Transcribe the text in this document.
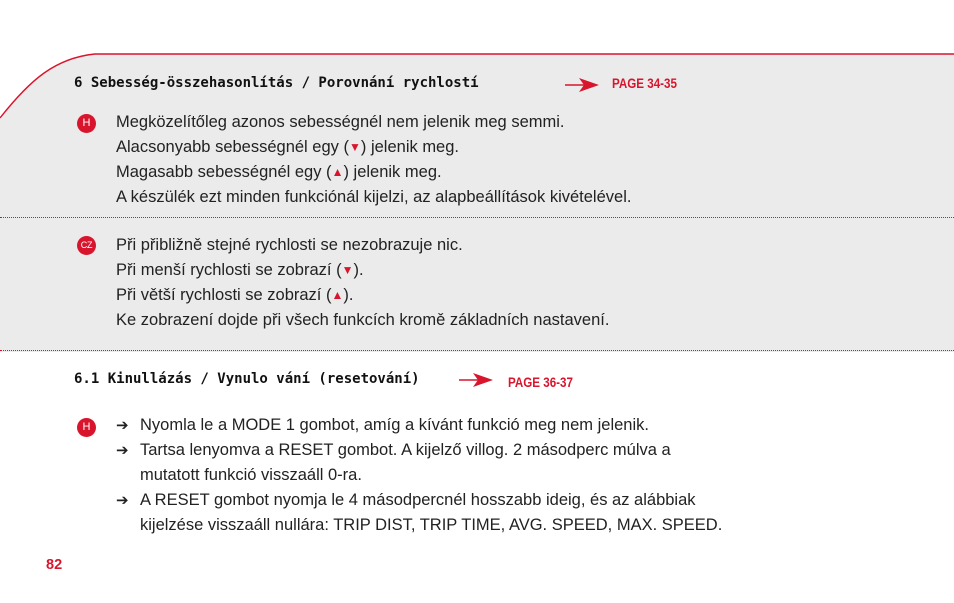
6 Sebesség-összehasonlítás / Porovnání rychlostí	PAGE 34-35
H	Megközelítőleg azonos sebességnél nem jelenik meg semmi.
Alacsonyabb sebességnél egy (▼) jelenik meg.
Magasabb sebességnél egy (▲) jelenik meg.
A készülék ezt minden funkciónál kijelzi, az alapbeállítások kivételével.
CZ Při přibližně stejné rychlosti se nezobrazuje nic.
Při menší rychlosti se zobrazí (▼).
Při větší rychlosti se zobrazí (▲).
Ke zobrazení dojde při všech funkcích kromě základních nastavení.
6.1 Kinullázás / Vynulo vání (resetování)	PAGE 36-37
H	➔ Nyomla le a MODE 1 gombot, amíg a kívánt funkció meg nem jelenik.
➔ Tartsa lenyomva a RESET gombot. A kijelző villog. 2 másodperc múlva a
mutatott funkció visszaáll 0-ra.
➔ A RESET gombot nyomja le 4 másodpercnél hosszabb ideig, és az alábbiak
kijelzése visszaáll nullára: TRIP DIST, TRIP TIME, AVG. SPEED, MAX. SPEED.
82
